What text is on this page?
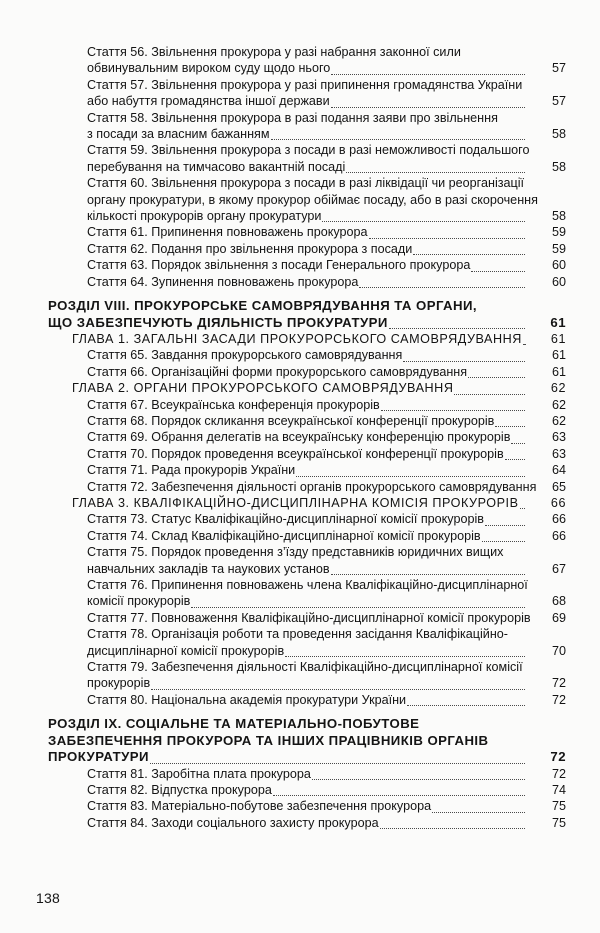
Стаття 56. Звільнення прокурора у разі набрання законної сили
обвинувальним вироком суду щодо нього	57
Стаття 57. Звільнення прокурора у разі припинення громадянства України
або набуття громадянства іншої держави	57
Стаття 58. Звільнення прокурора в разі подання заяви про звільнення
з посади за власним бажанням	58
Стаття 59. Звільнення прокурора з посади в разі неможливості подальшого
перебування на тимчасово вакантній посаді	58
Стаття 60. Звільнення прокурора з посади в разі ліквідації чи реорганізації
органу прокуратури, в якому прокурор обіймає посаду, або в разі скорочення
кількості прокурорів органу прокуратури	58
Стаття 61. Припинення повноважень прокурора	59
Стаття 62. Подання про звільнення прокурора з посади	59
Стаття 63. Порядок звільнення з посади Генерального прокурора	60
Стаття 64. Зупинення повноважень прокурора	60
РОЗДІЛ VIII. ПРОКУРОРСЬКЕ САМОВРЯДУВАННЯ ТА ОРГАНИ,
ЩО ЗАБЕЗПЕЧУЮТЬ ДІЯЛЬНІСТЬ ПРОКУРАТУРИ	61
ГЛАВА 1. ЗАГАЛЬНІ ЗАСАДИ ПРОКУРОРСЬКОГО САМОВРЯДУВАННЯ	61
Стаття 65. Завдання прокурорського самоврядування	61
Стаття 66. Організаційні форми прокурорського самоврядування	61
ГЛАВА 2. ОРГАНИ ПРОКУРОРСЬКОГО САМОВРЯДУВАННЯ	62
Стаття 67. Всеукраїнська конференція прокурорів	62
Стаття 68. Порядок скликання всеукраїнської конференції прокурорів	62
Стаття 69. Обрання делегатів на всеукраїнську конференцію прокурорів	63
Стаття 70. Порядок проведення всеукраїнської конференції прокурорів	63
Стаття 71. Рада прокурорів України	64
Стаття 72. Забезпечення діяльності органів прокурорського самоврядування	65
ГЛАВА 3. КВАЛІФІКАЦІЙНО-ДИСЦИПЛІНАРНА КОМІСІЯ ПРОКУРОРІВ	66
Стаття 73. Статус Кваліфікаційно-дисциплінарної комісії прокурорів	66
Стаття 74. Склад Кваліфікаційно-дисциплінарної комісії прокурорів	66
Стаття 75. Порядок проведення з’їзду представників юридичних вищих
навчальних закладів та наукових установ	67
Стаття 76. Припинення повноважень члена Кваліфікаційно-дисциплінарної
комісії прокурорів	68
Стаття 77. Повноваження Кваліфікаційно-дисциплінарної комісії прокурорів	69
Стаття 78. Організація роботи та проведення засідання Кваліфікаційно-
дисциплінарної комісії прокурорів	70
Стаття 79. Забезпечення діяльності Кваліфікаційно-дисциплінарної комісії
прокурорів	72
Стаття 80. Національна академія прокуратури України	72
РОЗДІЛ IX. СОЦІАЛЬНЕ ТА МАТЕРІАЛЬНО-ПОБУТОВЕ
ЗАБЕЗПЕЧЕННЯ ПРОКУРОРА ТА ІНШИХ ПРАЦІВНИКІВ ОРГАНІВ
ПРОКУРАТУРИ	72
Стаття 81. Заробітна плата прокурора	72
Стаття 82. Відпустка прокурора	74
Стаття 83. Матеріально-побутове забезпечення прокурора	75
Стаття 84. Заходи соціального захисту прокурора	75
138
